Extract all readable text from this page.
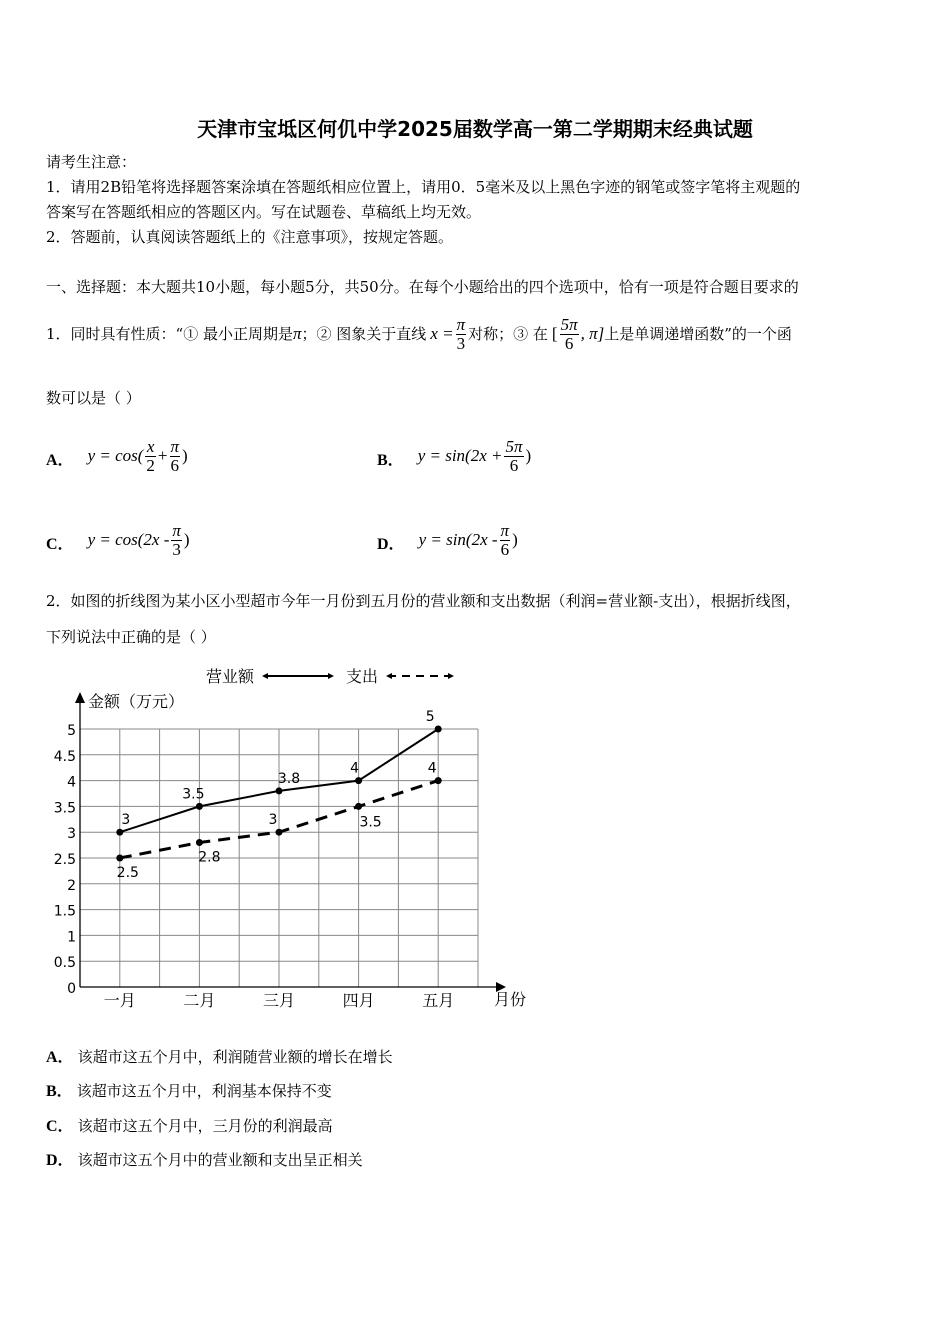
天津市宝坻区何仉中学2025届数学高一第二学期期末经典试题
请考生注意：
1．请用2B铅笔将选择题答案涂填在答题纸相应位置上，请用0．5毫米及以上黑色字迹的钢笔或签字笔将主观题的
答案写在答题纸相应的答题区内。写在试题卷、草稿纸上均无效。
2．答题前，认真阅读答题纸上的《注意事项》，按规定答题。
一、选择题：本大题共10小题，每小题5分，共50分。在每个小题给出的四个选项中，恰有一项是符合题目要求的
1． 同时具有性质：“① 最小正周期是 π ；② 图象关于直线 $x = \frac{\pi}{3}$ 对称；③ 在 [ $\frac{5\pi}{6}$ , π] 上是单调递增函数”的一个函
数可以是（ ）
A． $y = \cos( \frac{x}{2} + \frac{\pi}{6}$ )	B． $y = \sin(2x + \frac{5\pi}{6}$ )
C． $y = \cos(2x - \frac{\pi}{3}$ )	D． $y = \sin(2x - \frac{\pi}{6}$ )
2．如图的折线图为某小区小型超市今年一月份到五月份的营业额和支出数据（利润=营业额-支出），根据折线图，
下列说法中正确的是（ ）
金额（万元）
月份
0
0.5
1
1.5
2
2.5
3
3.5
4
4.5
5
一月	二月	三月	四月	五月
营业额	支出
3
3.5
3.8
4
5
2.5
2.8
3	3.5
4
A． 该超市这五个月中，利润随营业额的增长在增长
B． 该超市这五个月中，利润基本保持不变
C． 该超市这五个月中，三月份的利润最高
D． 该超市这五个月中的营业额和支出呈正相关
